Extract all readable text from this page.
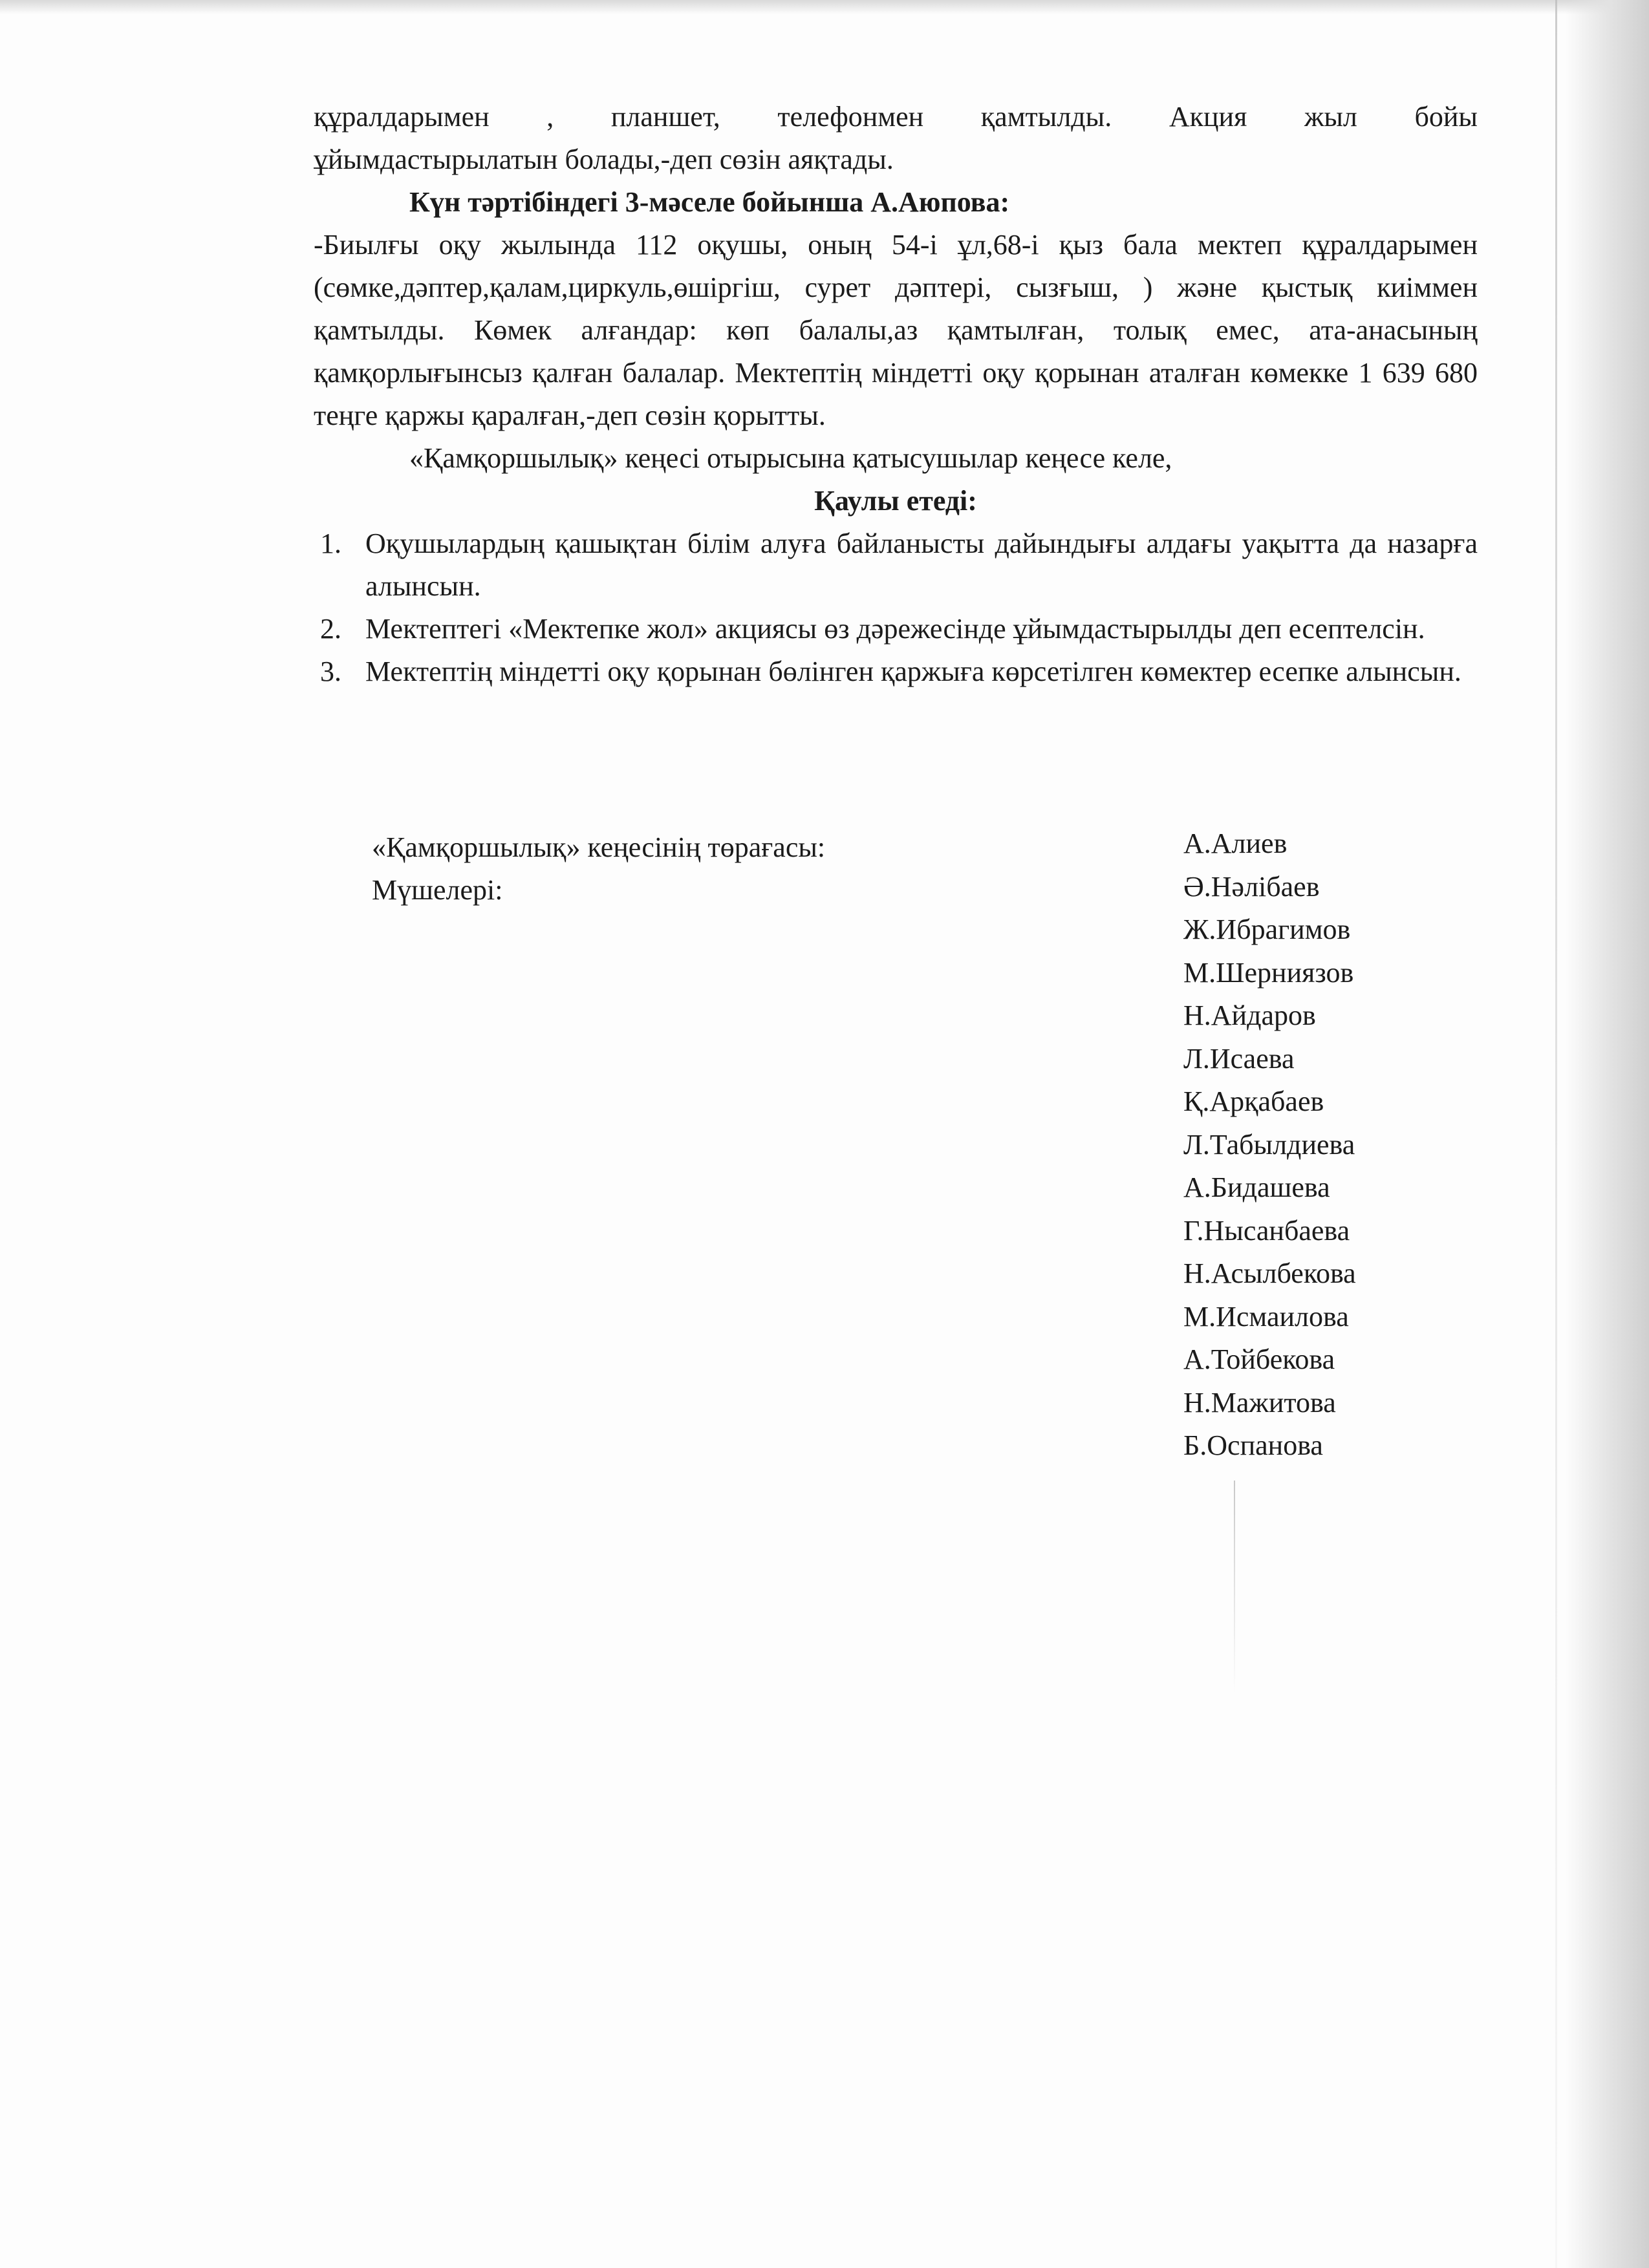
құралдарымен , планшет, телефонмен қамтылды. Акция жыл бойы

ұйымдастырылатын болады,-деп сөзін аяқтады.

Күн тәртібіндегі 3-мәселе бойынша А.Аюпова:

-Биылғы оқу жылында 112 оқушы, оның 54-і ұл,68-і қыз бала мектеп құралдарымен (сөмке,дәптер,қалам,циркуль,өшіргіш, сурет дәптері, сызғыш, ) және қыстық киіммен қамтылды. Көмек алғандар: көп балалы,аз қамтылған, толық емес, ата-анасының қамқорлығынсыз қалған балалар. Мектептің міндетті оқу қорынан аталған көмекке 1 639 680 теңге қаржы қаралған,-деп сөзін қорытты.

«Қамқоршылық» кеңесі отырысына қатысушылар кеңесе келе,

Қаулы етеді:

1. Оқушылардың қашықтан білім алуға байланысты дайындығы алдағы уақытта да назарға алынсын.
2. Мектептегі «Мектепке жол» акциясы өз дәрежесінде ұйымдастырылды деп есептелсін.
3. Мектептің міндетті оқу қорынан бөлінген қаржыға көрсетілген көмектер есепке алынсын.
«Қамқоршылық» кеңесінің төрағасы:
Мүшелері:
А.Алиев
Ә.Нәлібаев
Ж.Ибрагимов
М.Шерниязов
Н.Айдаров
Л.Исаева
Қ.Арқабаев
Л.Табылдиева
А.Бидашева
Г.Нысанбаева
Н.Асылбекова
М.Исмаилова
А.Тойбекова
Н.Мажитова
Б.Оспанова
